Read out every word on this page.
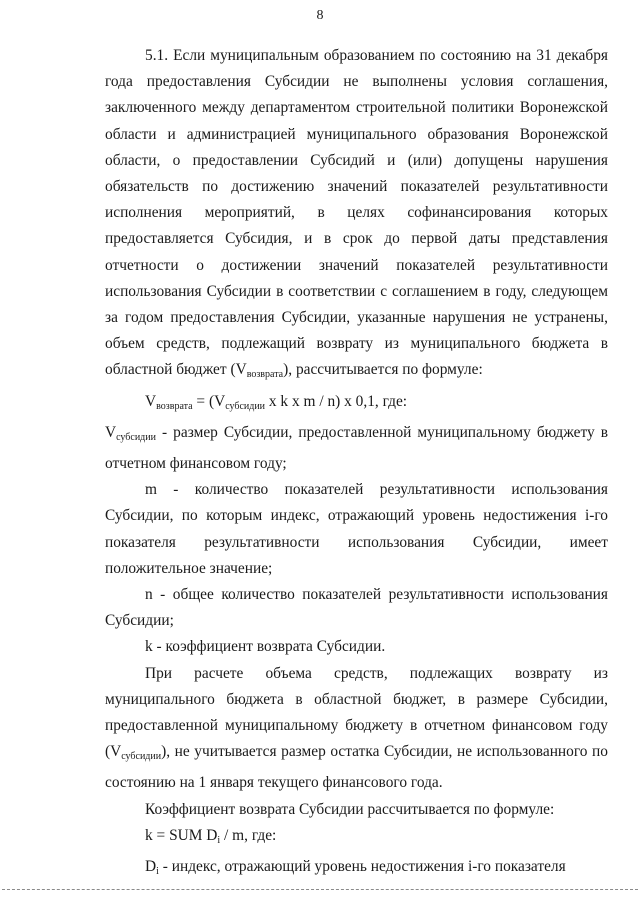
8

5.1. Если муниципальным образованием по состоянию на 31 декабря года предоставления Субсидии не выполнены условия соглашения, заключенного между департаментом строительной политики Воронежской области и администрацией муниципального образования Воронежской области, о предоставлении Субсидий и (или) допущены нарушения обязательств по достижению значений показателей результативности исполнения мероприятий, в целях софинансирования которых предоставляется Субсидия, и в срок до первой даты представления отчетности о достижении значений показателей результативности использования Субсидии в соответствии с соглашением в году, следующем за годом предоставления Субсидии, указанные нарушения не устранены, объем средств, подлежащий возврату из муниципального бюджета в областной бюджет $(V_{возврата})$, рассчитывается по формуле:

$V_{возврата} = (V_{субсидии}$ x k x m / n) x 0,1, где:

$V_{субсидии}$ - размер Субсидии, предоставленной муниципальному бюджету в отчетном финансовом году;

m - количество показателей результативности использования Субсидии, по которым индекс, отражающий уровень недостижения i-го показателя результативности использования Субсидии, имеет положительное значение;

n - общее количество показателей результативности использования Субсидии;

k - коэффициент возврата Субсидии.

При расчете объема средств, подлежащих возврату из муниципального бюджета в областной бюджет, в размере Субсидии, предоставленной муниципальному бюджету в отчетном финансовом году $(V_{субсидии})$, не учитывается размер остатка Субсидии, не использованного по состоянию на 1 января текущего финансового года.

Коэффициент возврата Субсидии рассчитывается по формуле:

k = SUM $D_i$ / m, где:

$D_i$ - индекс, отражающий уровень недостижения i-го показателя
